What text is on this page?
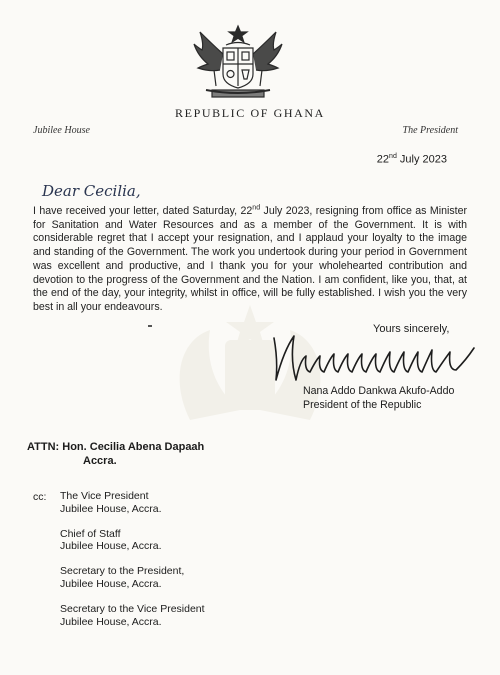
REPUBLIC OF GHANA
Jubilee House	The President
22nd July 2023
Dear Cecilia,
I have received your letter, dated Saturday, 22nd July 2023, resigning from office as Minister for Sanitation and Water Resources and as a member of the Government. It is with considerable regret that I accept your resignation, and I applaud your loyalty to the image and standing of the Government. The work you undertook during your period in Government was excellent and productive, and I thank you for your wholehearted contribution and devotion to the progress of the Government and the Nation. I am confident, like you, that, at the end of the day, your integrity, whilst in office, will be fully established. I wish you the very best in all your endeavours.
Yours sincerely,
Nana Addo Dankwa Akufo-Addo
President of the Republic
ATTN: Hon. Cecilia Abena Dapaah
Accra.
cc: The Vice President
Jubilee House, Accra.
Chief of Staff
Jubilee House, Accra.
Secretary to the President,
Jubilee House, Accra.
Secretary to the Vice President
Jubilee House, Accra.
